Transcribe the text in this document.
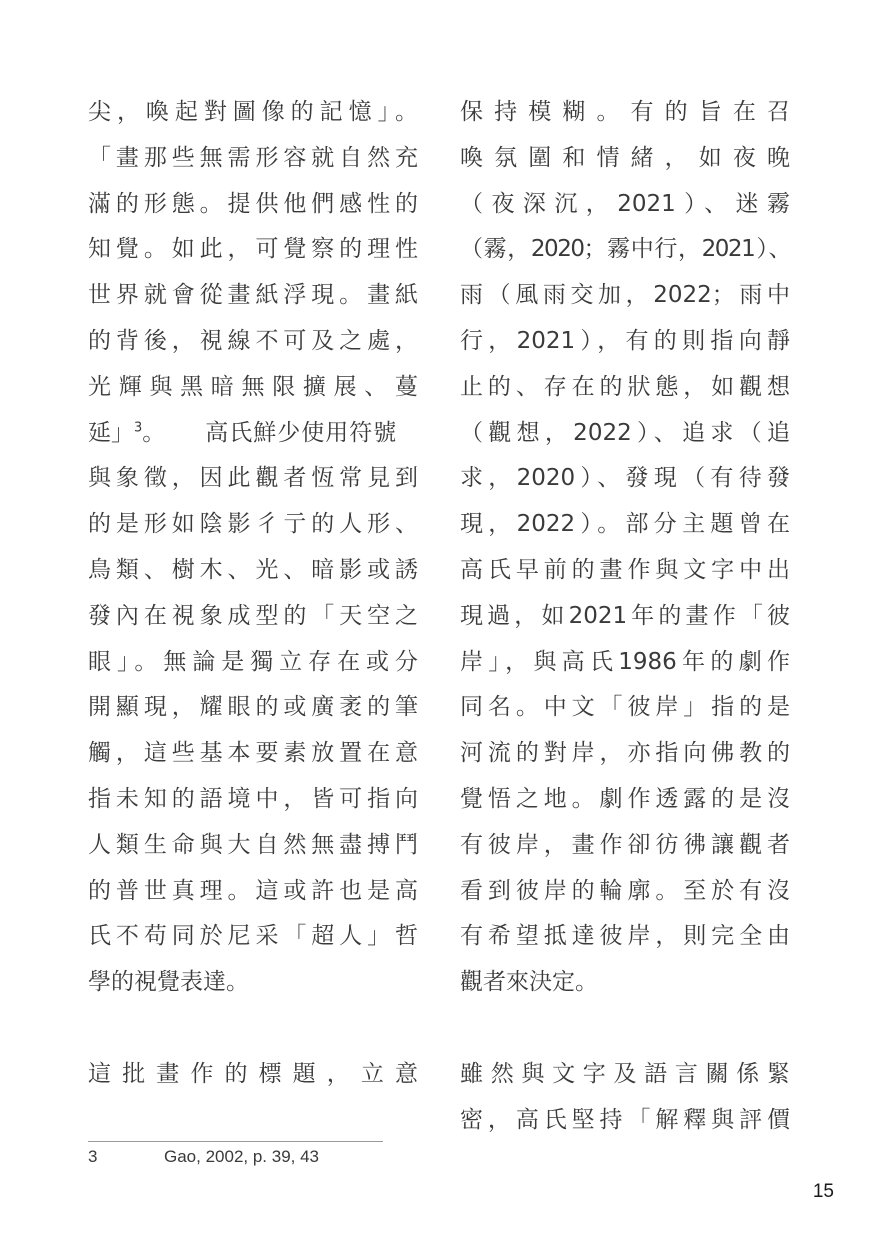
尖，喚起對圖像的記憶」。
「畫那些無需形容就自然充
滿的形態。提供他們感性的
知覺。如此，可覺察的理性
世界就會從畫紙浮現。畫紙
的背後，視線不可及之處，
光輝與黑暗無限擴展、蔓
延」$^3$。 高氏鮮少使用符號
與象徵，因此觀者恆常見到
的是形如陰影彳亍的人形、
鳥類、樹木、光、暗影或誘
發內在視象成型的「天空之
眼」。無論是獨立存在或分
開顯現，耀眼的或廣袤的筆
觸，這些基本要素放置在意
指未知的語境中，皆可指向
人類生命與大自然無盡搏鬥
的普世真理。這或許也是高
氏不苟同於尼采「超人」哲
學的視覺表達。
這批畫作的標題，立意
保持模糊。有的旨在召
喚氛圍和情緒，如夜晚
（夜深沉，2021）、迷霧
（霧，2020；霧中行，2021）、
雨（風雨交加，2022；雨中
行，2021），有的則指向靜
止的、存在的狀態，如觀想
（觀想，2022）、追求（追
求，2020）、發現（有待發
現，2022）。部分主題曾在
高氏早前的畫作與文字中出
現過，如2021年的畫作「彼
岸」，與高氏1986年的劇作
同名。中文「彼岸」指的是
河流的對岸，亦指向佛教的
覺悟之地。劇作透露的是沒
有彼岸，畫作卻彷彿讓觀者
看到彼岸的輪廓。至於有沒
有希望抵達彼岸，則完全由
觀者來決定。
雖然與文字及語言關係緊
密，高氏堅持「解釋與評價
3	Gao, 2002, p. 39, 43
15
